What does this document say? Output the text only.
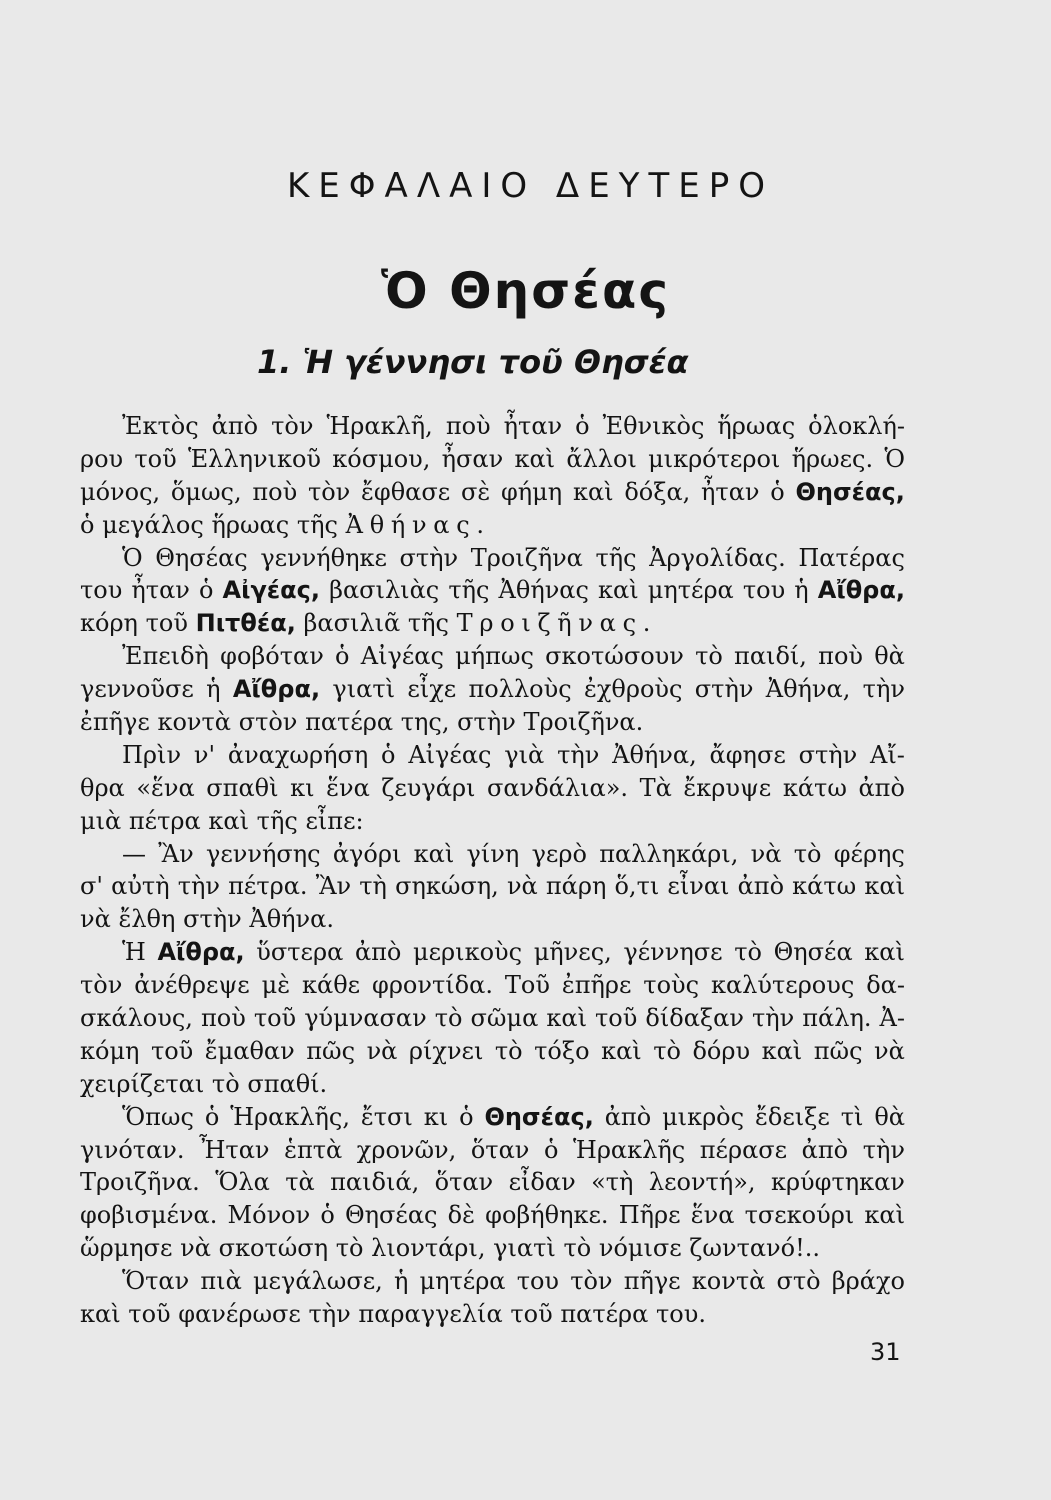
ΚΕΦΑΛΑΙΟ ΔΕΥΤΕΡΟ
Ὁ Θησέας
1. Ἡ γέννησι τοῦ Θησέα
Ἐκτὸς ἀπὸ τὸν Ἡρακλῆ, ποὺ ἦταν ὁ Ἐθνικὸς ἥρωας ὁλοκλή-
ρου τοῦ Ἑλληνικοῦ κόσμου, ἦσαν καὶ ἄλλοι μικρότεροι ἥρωες. Ὁ
μόνος, ὅμως, ποὺ τὸν ἔφθασε σὲ φήμη καὶ δόξα, ἦταν ὁ Θησέας,
ὁ μεγάλος ἥρωας τῆς Ἀθήνας.
Ὁ Θησέας γεννήθηκε στὴν Τροιζῆνα τῆς Ἀργολίδας. Πατέρας
του ἦταν ὁ Αἰγέας, βασιλιὰς τῆς Ἀθήνας καὶ μητέρα του ἡ Αἴθρα,
κόρη τοῦ Πιτθέα, βασιλιᾶ τῆς Τροιζῆνας.
Ἐπειδὴ φοβόταν ὁ Αἰγέας μήπως σκοτώσουν τὸ παιδί, ποὺ θὰ
γεννοῦσε ἡ Αἴθρα, γιατὶ εἶχε πολλοὺς ἐχθροὺς στὴν Ἀθήνα, τὴν
ἐπῆγε κοντὰ στὸν πατέρα της, στὴν Τροιζῆνα.
Πρὶν ν' ἀναχωρήση ὁ Αἰγέας γιὰ τὴν Ἀθήνα, ἄφησε στὴν Αἴ-
θρα «ἕνα σπαθὶ κι ἕνα ζευγάρι σανδάλια». Τὰ ἔκρυψε κάτω ἀπὸ
μιὰ πέτρα καὶ τῆς εἶπε:
— Ἂν γεννήσης ἀγόρι καὶ γίνη γερὸ παλληκάρι, νὰ τὸ φέρης
σ' αὐτὴ τὴν πέτρα. Ἂν τὴ σηκώση, νὰ πάρη ὅ,τι εἶναι ἀπὸ κάτω καὶ
νὰ ἔλθη στὴν Ἀθήνα.
Ἡ Αἴθρα, ὕστερα ἀπὸ μερικοὺς μῆνες, γέννησε τὸ Θησέα καὶ
τὸν ἀνέθρεψε μὲ κάθε φροντίδα. Τοῦ ἐπῆρε τοὺς καλύτερους δα-
σκάλους, ποὺ τοῦ γύμνασαν τὸ σῶμα καὶ τοῦ δίδαξαν τὴν πάλη. Ἀ-
κόμη τοῦ ἔμαθαν πῶς νὰ ρίχνει τὸ τόξο καὶ τὸ δόρυ καὶ πῶς νὰ
χειρίζεται τὸ σπαθί.
Ὅπως ὁ Ἡρακλῆς, ἔτσι κι ὁ Θησέας, ἀπὸ μικρὸς ἔδειξε τὶ θὰ
γινόταν. Ἦταν ἑπτὰ χρονῶν, ὅταν ὁ Ἡρακλῆς πέρασε ἀπὸ τὴν
Τροιζῆνα. Ὅλα τὰ παιδιά, ὅταν εἶδαν «τὴ λεοντή», κρύφτηκαν
φοβισμένα. Μόνον ὁ Θησέας δὲ φοβήθηκε. Πῆρε ἕνα τσεκούρι καὶ
ὥρμησε νὰ σκοτώση τὸ λιοντάρι, γιατὶ τὸ νόμισε ζωντανό!..
Ὅταν πιὰ μεγάλωσε, ἡ μητέρα του τὸν πῆγε κοντὰ στὸ βράχο
καὶ τοῦ φανέρωσε τὴν παραγγελία τοῦ πατέρα του.
31
